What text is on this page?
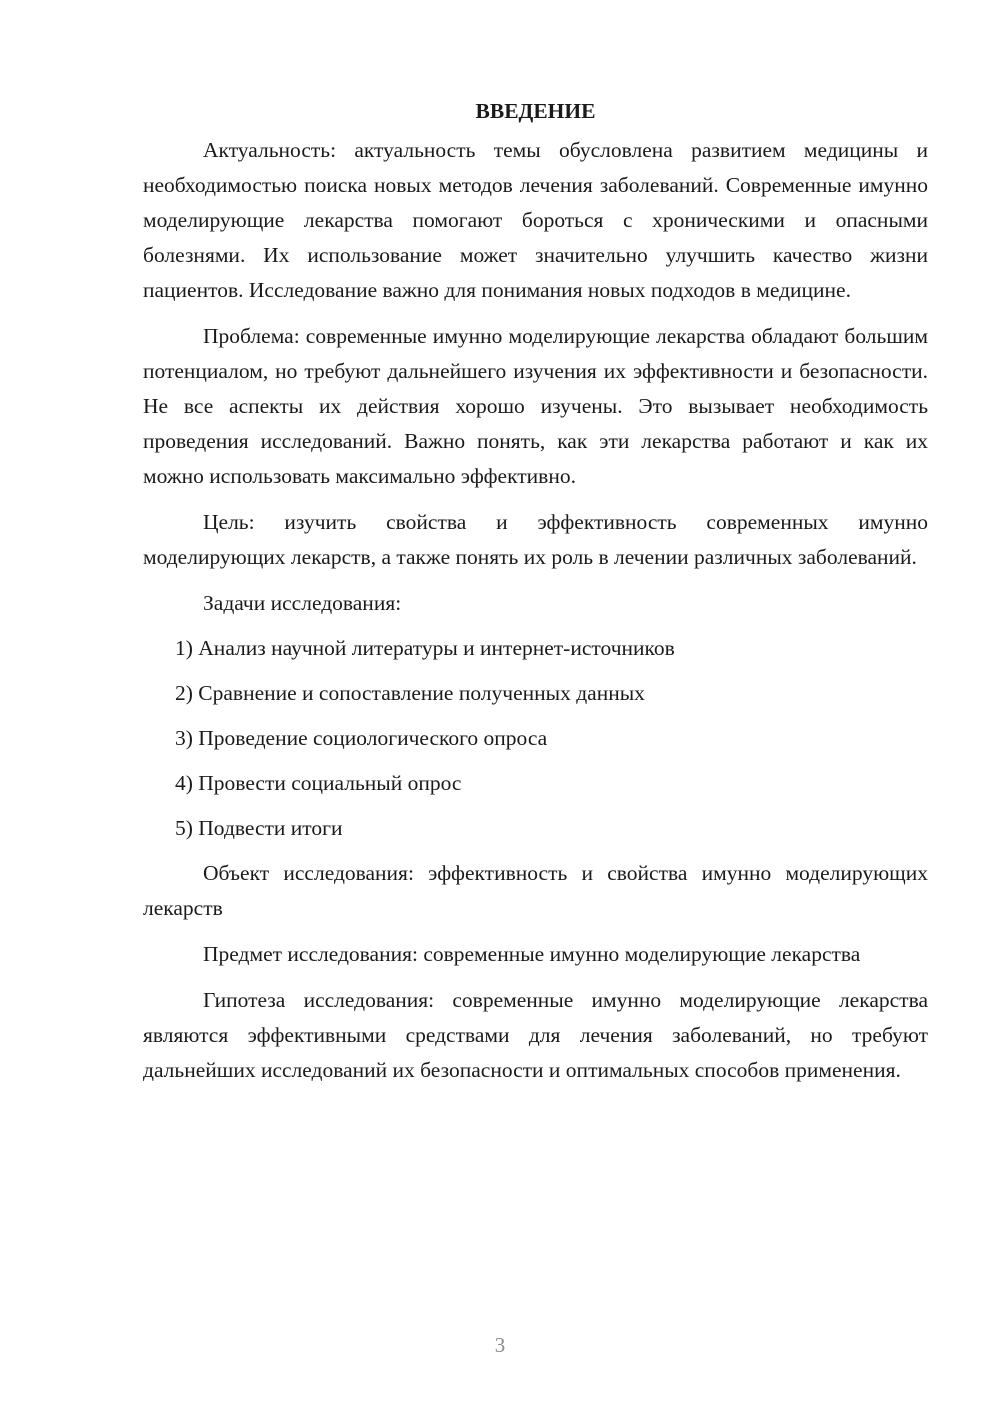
ВВЕДЕНИЕ
Актуальность: актуальность темы обусловлена развитием медицины и необходимостью поиска новых методов лечения заболеваний. Современные имунно моделирующие лекарства помогают бороться с хроническими и опасными болезнями. Их использование может значительно улучшить качество жизни пациентов. Исследование важно для понимания новых подходов в медицине.
Проблема: современные имунно моделирующие лекарства обладают большим потенциалом, но требуют дальнейшего изучения их эффективности и безопасности. Не все аспекты их действия хорошо изучены. Это вызывает необходимость проведения исследований. Важно понять, как эти лекарства работают и как их можно использовать максимально эффективно.
Цель: изучить свойства и эффективность современных имунно моделирующих лекарств, а также понять их роль в лечении различных заболеваний.
Задачи исследования:
1) Анализ научной литературы и интернет-источников
2) Сравнение и сопоставление полученных данных
3) Проведение социологического опроса
4) Провести социальный опрос
5) Подвести итоги
Объект исследования: эффективность и свойства имунно моделирующих лекарств
Предмет исследования: современные имунно моделирующие лекарства
Гипотеза исследования: современные имунно моделирующие лекарства являются эффективными средствами для лечения заболеваний, но требуют дальнейших исследований их безопасности и оптимальных способов применения.
3
